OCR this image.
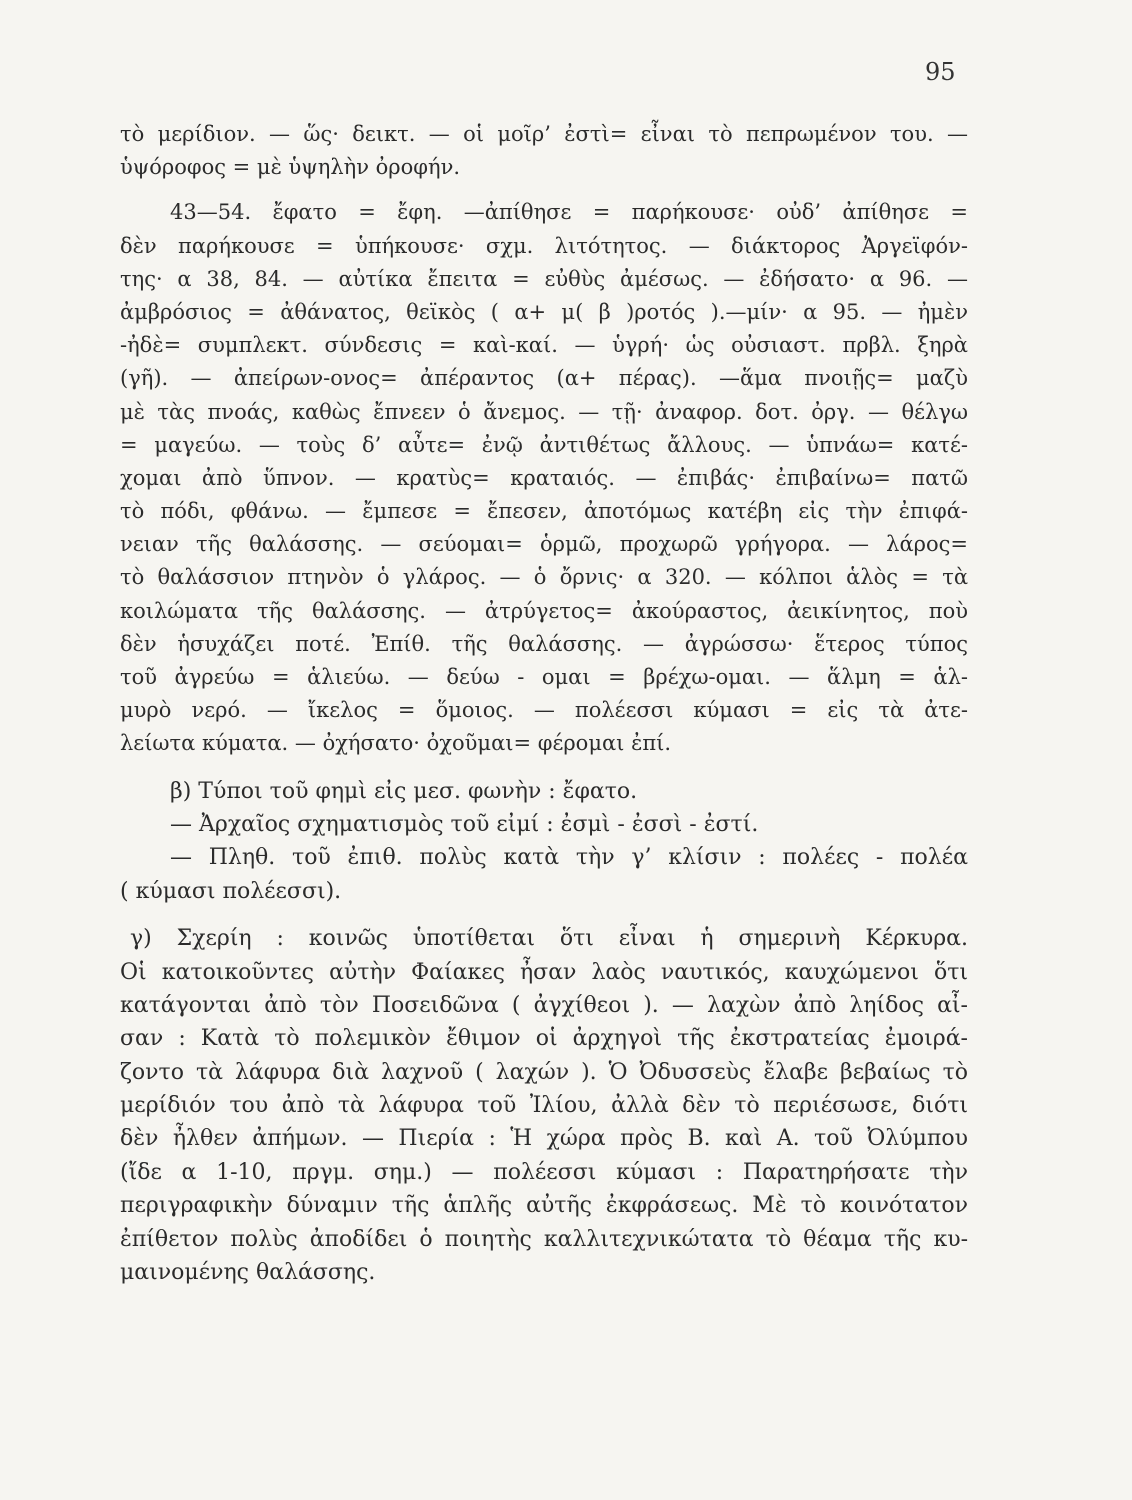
95
τὸ μερίδιον. — ὥς· δεικτ. — οἱ μοῖρ’ ἐστὶ= εἶναι τὸ πεπρωμένον του. —
ὑψόροφος = μὲ ὑψηλὴν ὀροφήν.
43—54. ἔφατο = ἔφη. —ἀπίθησε = παρήκουσε· οὐδ’ ἀπίθησε =
δὲν παρήκουσε = ὑπήκουσε· σχμ. λιτότητος. — διάκτορος Ἀργεϊφόν-
της· α 38, 84. — αὐτίκα ἔπειτα = εὐθὺς ἀμέσως. — ἐδήσατο· α 96. —
ἀμβρόσιος = ἀθάνατος, θεϊκὸς ( α+ μ( β )ροτός ).—μίν· α 95. — ἠμὲν
-ἠδὲ= συμπλεκτ. σύνδεσις = καὶ-καί. — ὑγρή· ὡς οὐσιαστ. πρβλ. ξηρὰ
(γῆ). — ἀπείρων-ονος= ἀπέραντος (α+ πέρας). —ἅμα πνοιῇς= μαζὺ
μὲ τὰς πνοάς, καθὼς ἔπνεεν ὁ ἄνεμος. — τῇ· ἀναφορ. δοτ. ὀργ. — θέλγω
= μαγεύω. — τοὺς δ’ αὖτε= ἐνῷ ἀντιθέτως ἄλλους. — ὑπνάω= κατέ-
χομαι ἀπὸ ὕπνον. — κρατὺς= κραταιός. — ἐπιβάς· ἐπιβαίνω= πατῶ
τὸ πόδι, φθάνω. — ἔμπεσε = ἔπεσεν, ἀποτόμως κατέβη εἰς τὴν ἐπιφά-
νειαν τῆς θαλάσσης. — σεύομαι= ὁρμῶ, προχωρῶ γρήγορα. — λάρος=
τὸ θαλάσσιον πτηνὸν ὁ γλάρος. — ὁ ὄρνις· α 320. — κόλποι ἁλὸς = τὰ
κοιλώματα τῆς θαλάσσης. — ἀτρύγετος= ἀκούραστος, ἀεικίνητος, ποὺ
δὲν ἡσυχάζει ποτέ. Ἐπίθ. τῆς θαλάσσης. — ἀγρώσσω· ἕτερος τύπος
τοῦ ἀγρεύω = ἁλιεύω. — δεύω - ομαι = βρέχω-ομαι. — ἅλμη = ἁλ-
μυρὸ νερό. — ἴκελος = ὅμοιος. — πολέεσσι κύμασι = εἰς τὰ ἀτε-
λείωτα κύματα. — ὀχήσατο· ὀχοῦμαι= φέρομαι ἐπί.
β) Τύποι τοῦ φημὶ εἰς μεσ. φωνὴν : ἔφατο.
— Ἀρχαῖος σχηματισμὸς τοῦ εἰμί : ἐσμὶ - ἐσσὶ - ἐστί.
— Πληθ. τοῦ ἐπιθ. πολὺς κατὰ τὴν γ’ κλίσιν : πολέες - πολέα
( κύμασι πολέεσσι).
γ) Σχερίη : κοινῶς ὑποτίθεται ὅτι εἶναι ἡ σημερινὴ Κέρκυρα.
Οἱ κατοικοῦντες αὐτὴν Φαίακες ἦσαν λαὸς ναυτικός, καυχώμενοι ὅτι
κατάγονται ἀπὸ τὸν Ποσειδῶνα ( ἀγχίθεοι ). — λαχὼν ἀπὸ ληίδος αἶ-
σαν : Κατὰ τὸ πολεμικὸν ἔθιμον οἱ ἀρχηγοὶ τῆς ἐκστρατείας ἐμοιρά-
ζοντο τὰ λάφυρα διὰ λαχνοῦ ( λαχών ). Ὁ Ὀδυσσεὺς ἔλαβε βεβαίως τὸ
μερίδιόν του ἀπὸ τὰ λάφυρα τοῦ Ἰλίου, ἀλλὰ δὲν τὸ περιέσωσε, διότι
δὲν ἦλθεν ἀπήμων. — Πιερία : Ἡ χώρα πρὸς Β. καὶ Α. τοῦ Ὀλύμπου
(ἴδε α 1-10, πργμ. σημ.) — πολέεσσι κύμασι : Παρατηρήσατε τὴν
περιγραφικὴν δύναμιν τῆς ἁπλῆς αὐτῆς ἐκφράσεως. Μὲ τὸ κοινότατον
ἐπίθετον πολὺς ἀποδίδει ὁ ποιητὴς καλλιτεχνικώτατα τὸ θέαμα τῆς κυ-
μαινομένης θαλάσσης.
